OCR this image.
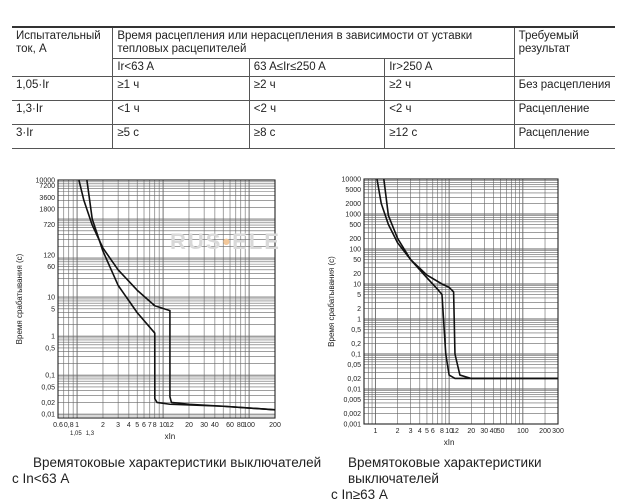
Испытательный ток, А	Время расцепления или нерасцепления в зависимости от уставки тепловых расцепителей			Требуемый результат
	Ir<63 A	63 A≤Ir≤250 A	Ir>250 A	
1,05·Ir	≥1 ч	≥2 ч	≥2 ч	Без расцепления
1,3·Ir	<1 ч	<2 ч	<2 ч	Расцепление
3·Ir	≥5 с	≥8 с	≥12 с	Расцепление
0.6 0,8 1	2 3 4 5 6 7 8 10 12 20 30 40 60 80
100 200
1,05 1,3
10000
7200
3600
1800
720
120
60
10
5
1
0,5
0,1
0,05
0,02
0,01
xIn
Время срабатывания (с)
1	2 3 4 5 6 8 10
12 20 30 40 50 100 200 300
10000
5000
2000
1000
500
200
100
50
20
10
5
2
1
0,5
0,2
0,1
0,05
0,02
0,01
0,005
0,002
0,001
xIn
Время срабатывания (с)
RUS•ELE
Времятоковые характеристики выключателей
с In<63 А
Времятоковые характеристики выключателей
с In≥63 А
